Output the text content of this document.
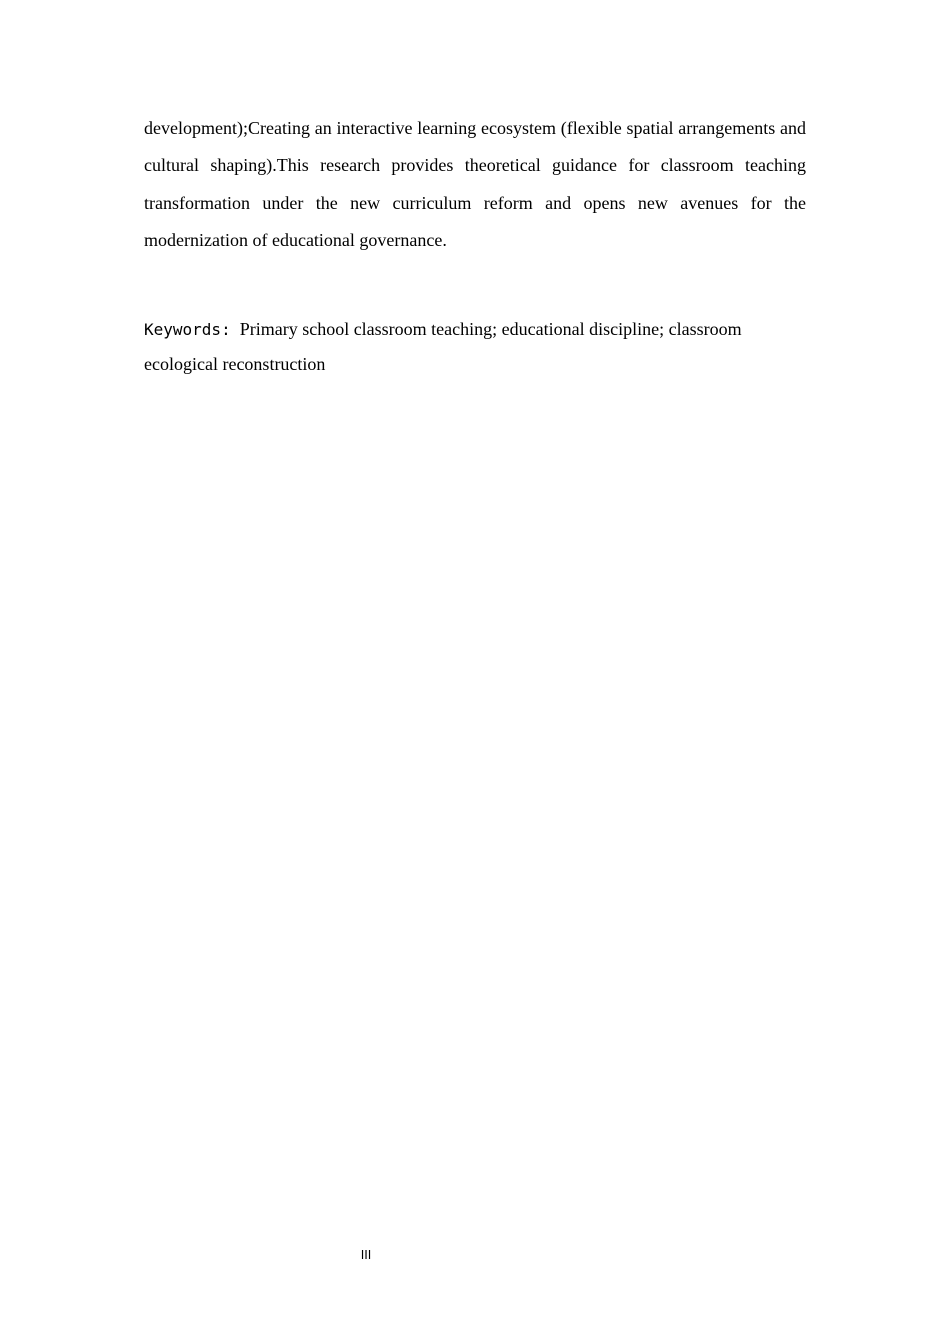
development);Creating an interactive learning ecosystem (flexible spatial arrangements and cultural shaping).This research provides theoretical guidance for classroom teaching transformation under the new curriculum reform and opens new avenues for the modernization of educational governance.

Keywords: Primary school classroom teaching; educational discipline; classroom ecological reconstruction

III
